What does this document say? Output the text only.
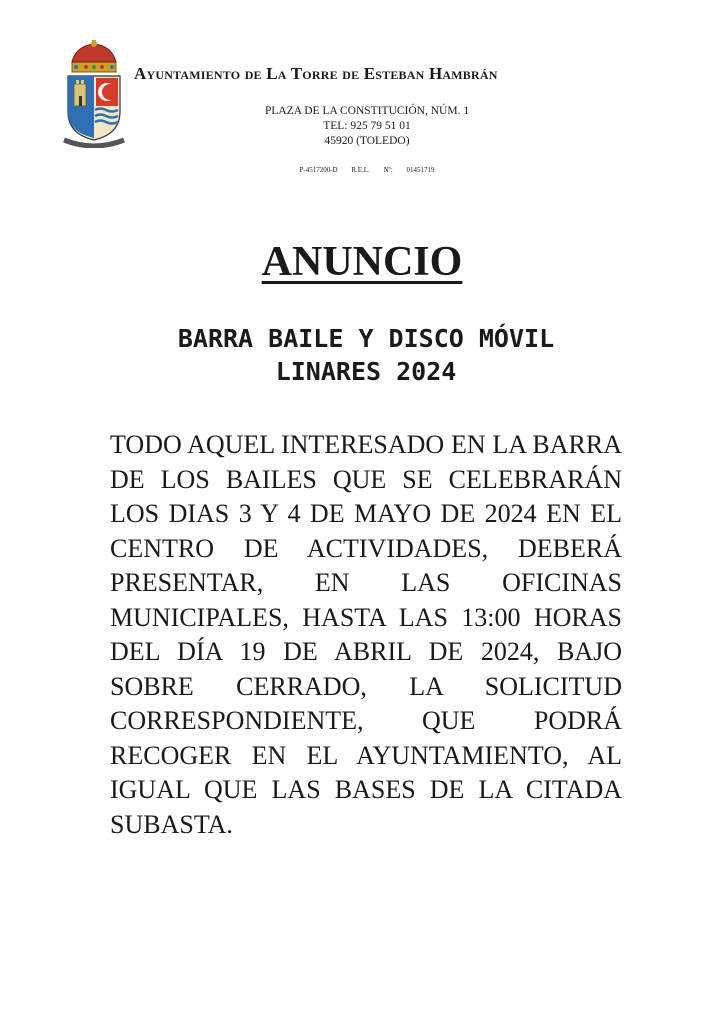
Ayuntamiento de La Torre de Esteban Hambrán
PLAZA DE LA CONSTITUCIÓN, NÚM. 1
TEL: 925 79 51 01
45920 (TOLEDO)
P-4517200-D R.E.L. Nº: 01451719
ANUNCIO
BARRA BAILE Y DISCO MÓVIL
LINARES 2024
TODO AQUEL INTERESADO EN LA BARRA DE LOS BAILES QUE SE CELEBRARÁN LOS DIAS 3 Y 4 DE MAYO DE 2024 EN EL CENTRO DE ACTIVIDADES, DEBERÁ PRESENTAR, EN LAS OFICINAS MUNICIPALES, HASTA LAS 13:00 HORAS DEL DÍA 19 DE ABRIL DE 2024, BAJO SOBRE CERRADO, LA SOLICITUD CORRESPONDIENTE, QUE PODRÁ RECOGER EN EL AYUNTAMIENTO, AL IGUAL QUE LAS BASES DE LA CITADA SUBASTA.
